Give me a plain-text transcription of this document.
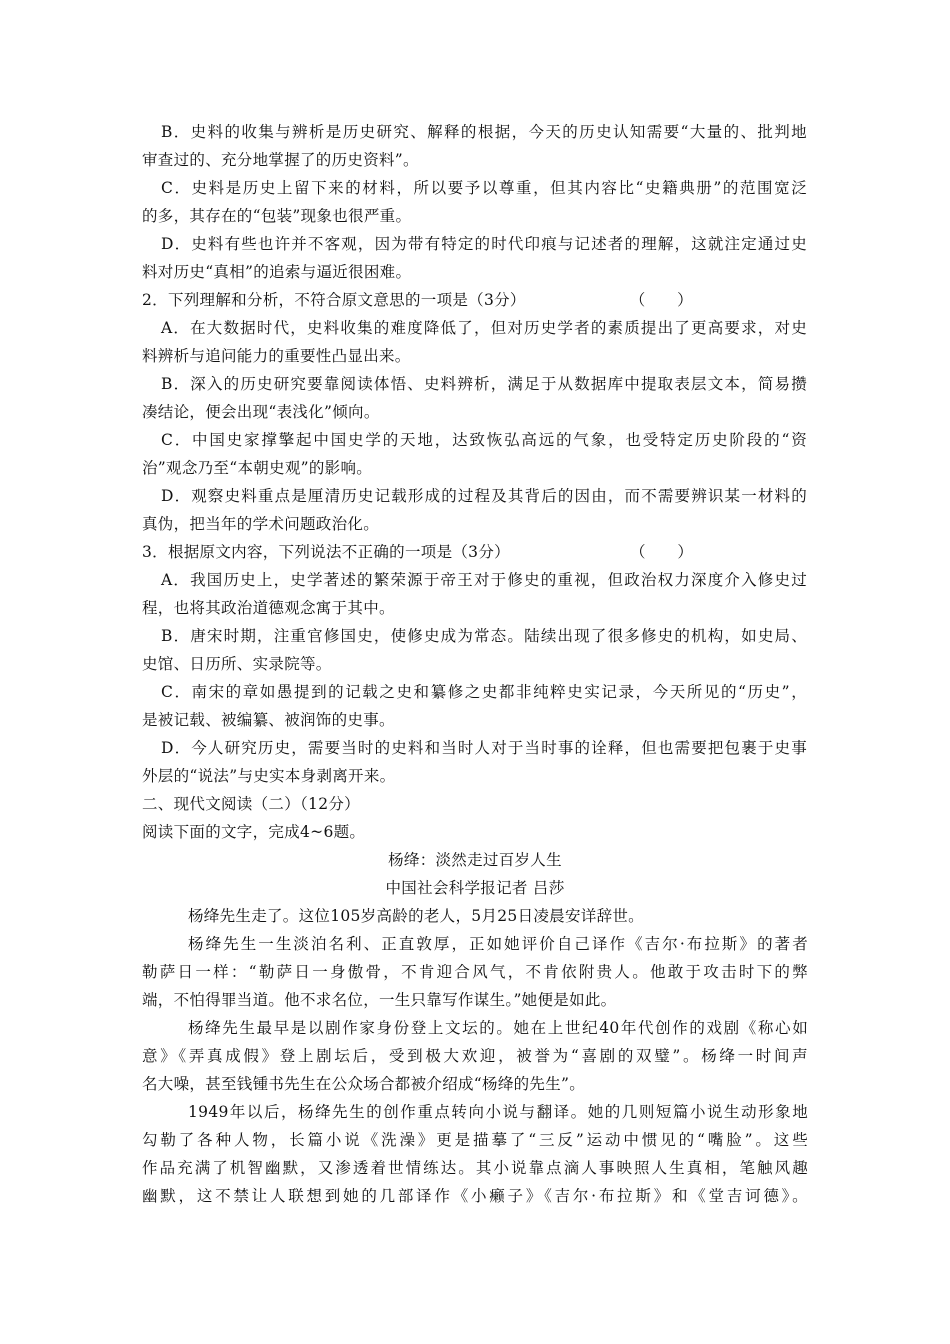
B．史料的收集与辨析是历史研究、解释的根据，今天的历史认知需要“大量的、批判地
审查过的、充分地掌握了的历史资料”。
C．史料是历史上留下来的材料，所以要予以尊重，但其内容比“史籍典册”的范围宽泛
的多，其存在的“包装”现象也很严重。
D．史料有些也许并不客观，因为带有特定的时代印痕与记述者的理解，这就注定通过史
料对历史“真相”的追索与逼近很困难。
2．下列理解和分析，不符合原文意思的一项是（3分）	（　　）
A．在大数据时代，史料收集的难度降低了，但对历史学者的素质提出了更高要求，对史
料辨析与追问能力的重要性凸显出来。
B．深入的历史研究要靠阅读体悟、史料辨析，满足于从数据库中提取表层文本，简易攒
凑结论，便会出现“表浅化”倾向。
C．中国史家撑擎起中国史学的天地，达致恢弘高远的气象，也受特定历史阶段的“资
治”观念乃至“本朝史观”的影响。
D．观察史料重点是厘清历史记载形成的过程及其背后的因由，而不需要辨识某一材料的
真伪，把当年的学术问题政治化。
3．根据原文内容，下列说法不正确的一项是（3分）	（　　）
A．我国历史上，史学著述的繁荣源于帝王对于修史的重视，但政治权力深度介入修史过
程，也将其政治道德观念寓于其中。
B．唐宋时期，注重官修国史，使修史成为常态。陆续出现了很多修史的机构，如史局、
史馆、日历所、实录院等。
C．南宋的章如愚提到的记载之史和纂修之史都非纯粹史实记录，今天所见的“历史”，
是被记载、被编纂、被润饰的史事。
D．今人研究历史，需要当时的史料和当时人对于当时事的诠释，但也需要把包裹于史事
外层的“说法”与史实本身剥离开来。
二、现代文阅读（二）（12分）
阅读下面的文字，完成4~6题。
杨绛：淡然走过百岁人生
中国社会科学报记者 吕莎
杨绛先生走了。这位105岁高龄的老人，5月25日凌晨安详辞世。
杨绛先生一生淡泊名利、正直敦厚，正如她评价自己译作《吉尔·布拉斯》的著者
勒萨日一样：“勒萨日一身傲骨，不肯迎合风气，不肯依附贵人。他敢于攻击时下的弊
端，不怕得罪当道。他不求名位，一生只靠写作谋生。”她便是如此。
杨绛先生最早是以剧作家身份登上文坛的。她在上世纪40年代创作的戏剧《称心如
意》《弄真成假》登上剧坛后，受到极大欢迎，被誉为“喜剧的双璧”。杨绛一时间声
名大噪，甚至钱锺书先生在公众场合都被介绍成“杨绛的先生”。
1949年以后，杨绛先生的创作重点转向小说与翻译。她的几则短篇小说生动形象地
勾勒了各种人物，长篇小说《洗澡》更是描摹了“三反”运动中惯见的“嘴脸”。这些
作品充满了机智幽默，又渗透着世情练达。其小说靠点滴人事映照人生真相，笔触风趣
幽默，这不禁让人联想到她的几部译作《小癞子》《吉尔·布拉斯》和《堂吉诃德》。
